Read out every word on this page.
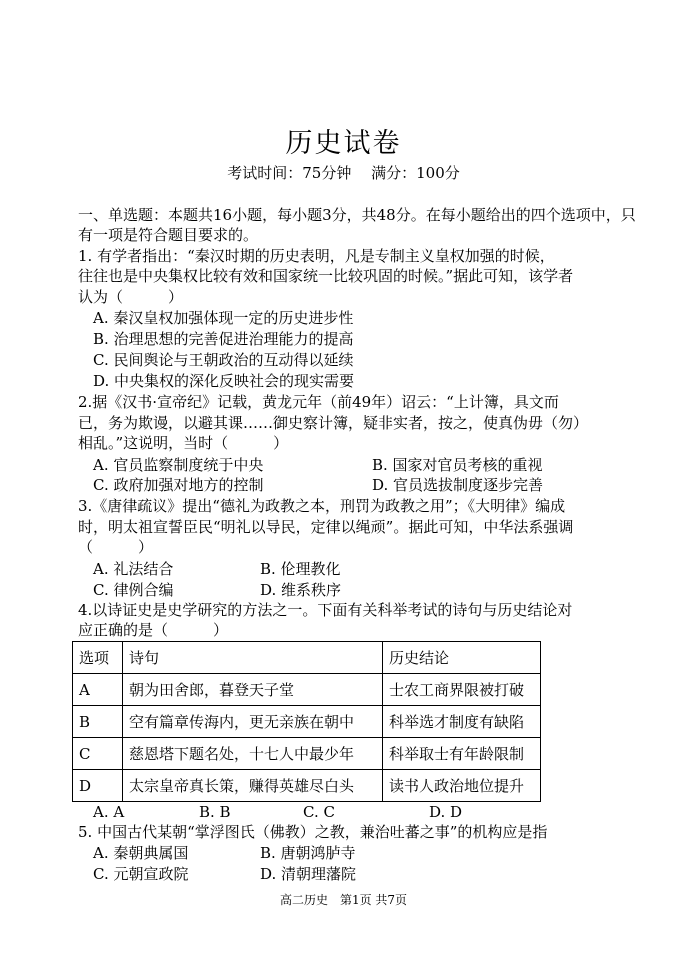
历史试卷
考试时间：75分钟　 满分：100分
一、单选题：本题共16小题，每小题3分，共48分。在每小题给出的四个选项中，只
有一项是符合题目要求的。
1. 有学者指出：“秦汉时期的历史表明，凡是专制主义皇权加强的时候，
往往也是中央集权比较有效和国家统一比较巩固的时候。”据此可知，该学者
认为（　　　）
A. 秦汉皇权加强体现一定的历史进步性
B. 治理思想的完善促进治理能力的提高
C. 民间舆论与王朝政治的互动得以延续
D. 中央集权的深化反映社会的现实需要
2.据《汉书·宣帝纪》记载，黄龙元年（前49年）诏云：“上计簿，具文而
已，务为欺谩，以避其课……御史察计簿，疑非实者，按之，使真伪毋（勿）
相乱。”这说明，当时（　　　）
A. 官员监察制度统于中央	B. 国家对官员考核的重视
C. 政府加强对地方的控制	D. 官员选拔制度逐步完善
3.《唐律疏议》提出“德礼为政教之本，刑罚为政教之用”；《大明律》编成
时，明太祖宣誓臣民“明礼以导民，定律以绳顽”。据此可知，中华法系强调
（　　　）
A. 礼法结合	B. 伦理教化
C. 律例合编	D. 维系秩序
4.以诗证史是史学研究的方法之一。下面有关科举考试的诗句与历史结论对
应正确的是（　　　）
选项	诗句	历史结论
A	朝为田舍郎，暮登天子堂	士农工商界限被打破
B	空有篇章传海内，更无亲族在朝中	科举选才制度有缺陷
C	慈恩塔下题名处，十七人中最少年	科举取士有年龄限制
D	太宗皇帝真长策，赚得英雄尽白头	读书人政治地位提升
A. A	B. B	C. C	D. D
5. 中国古代某朝“掌浮图氏（佛教）之教，兼治吐蕃之事”的机构应是指
A. 秦朝典属国	B. 唐朝鸿胪寺
C. 元朝宣政院	D. 清朝理藩院
高二历史　第1页 共7页
